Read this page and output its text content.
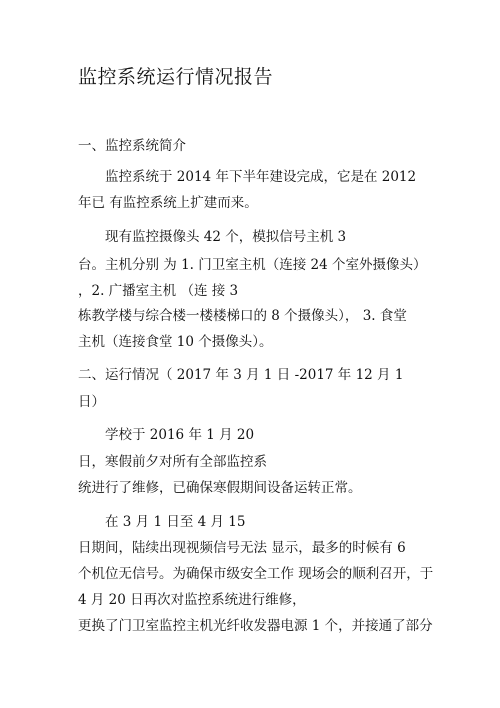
监控系统运行情况报告
一、监控系统简介
监控系统于 2014 年下半年建设完成，它是在 2012
年已 有监控系统上扩建而来。
现有监控摄像头 42 个，模拟信号主机 3
台。主机分别 为 1. 门卫室主机（连接 24 个室外摄像头）
，2. 广播室主机 （连 接 3
栋教学楼与综合楼一楼楼梯口的 8 个摄像头）， 3. 食堂
主机（连接食堂 10 个摄像头）。
二、运行情况（ 2017 年 3 月 1 日 -2017 年 12 月 1
日）
学校于 2016 年 1 月 20
日，寒假前夕对所有全部监控系
统进行了维修，已确保寒假期间设备运转正常。
在 3 月 1 日至 4 月 15
日期间，陆续出现视频信号无法 显示，最多的时候有 6
个机位无信号。为确保市级安全工作 现场会的顺利召开，于
4 月 20 日再次对监控系统进行维修，
更换了门卫室监控主机光纤收发器电源 1 个，并接通了部分
